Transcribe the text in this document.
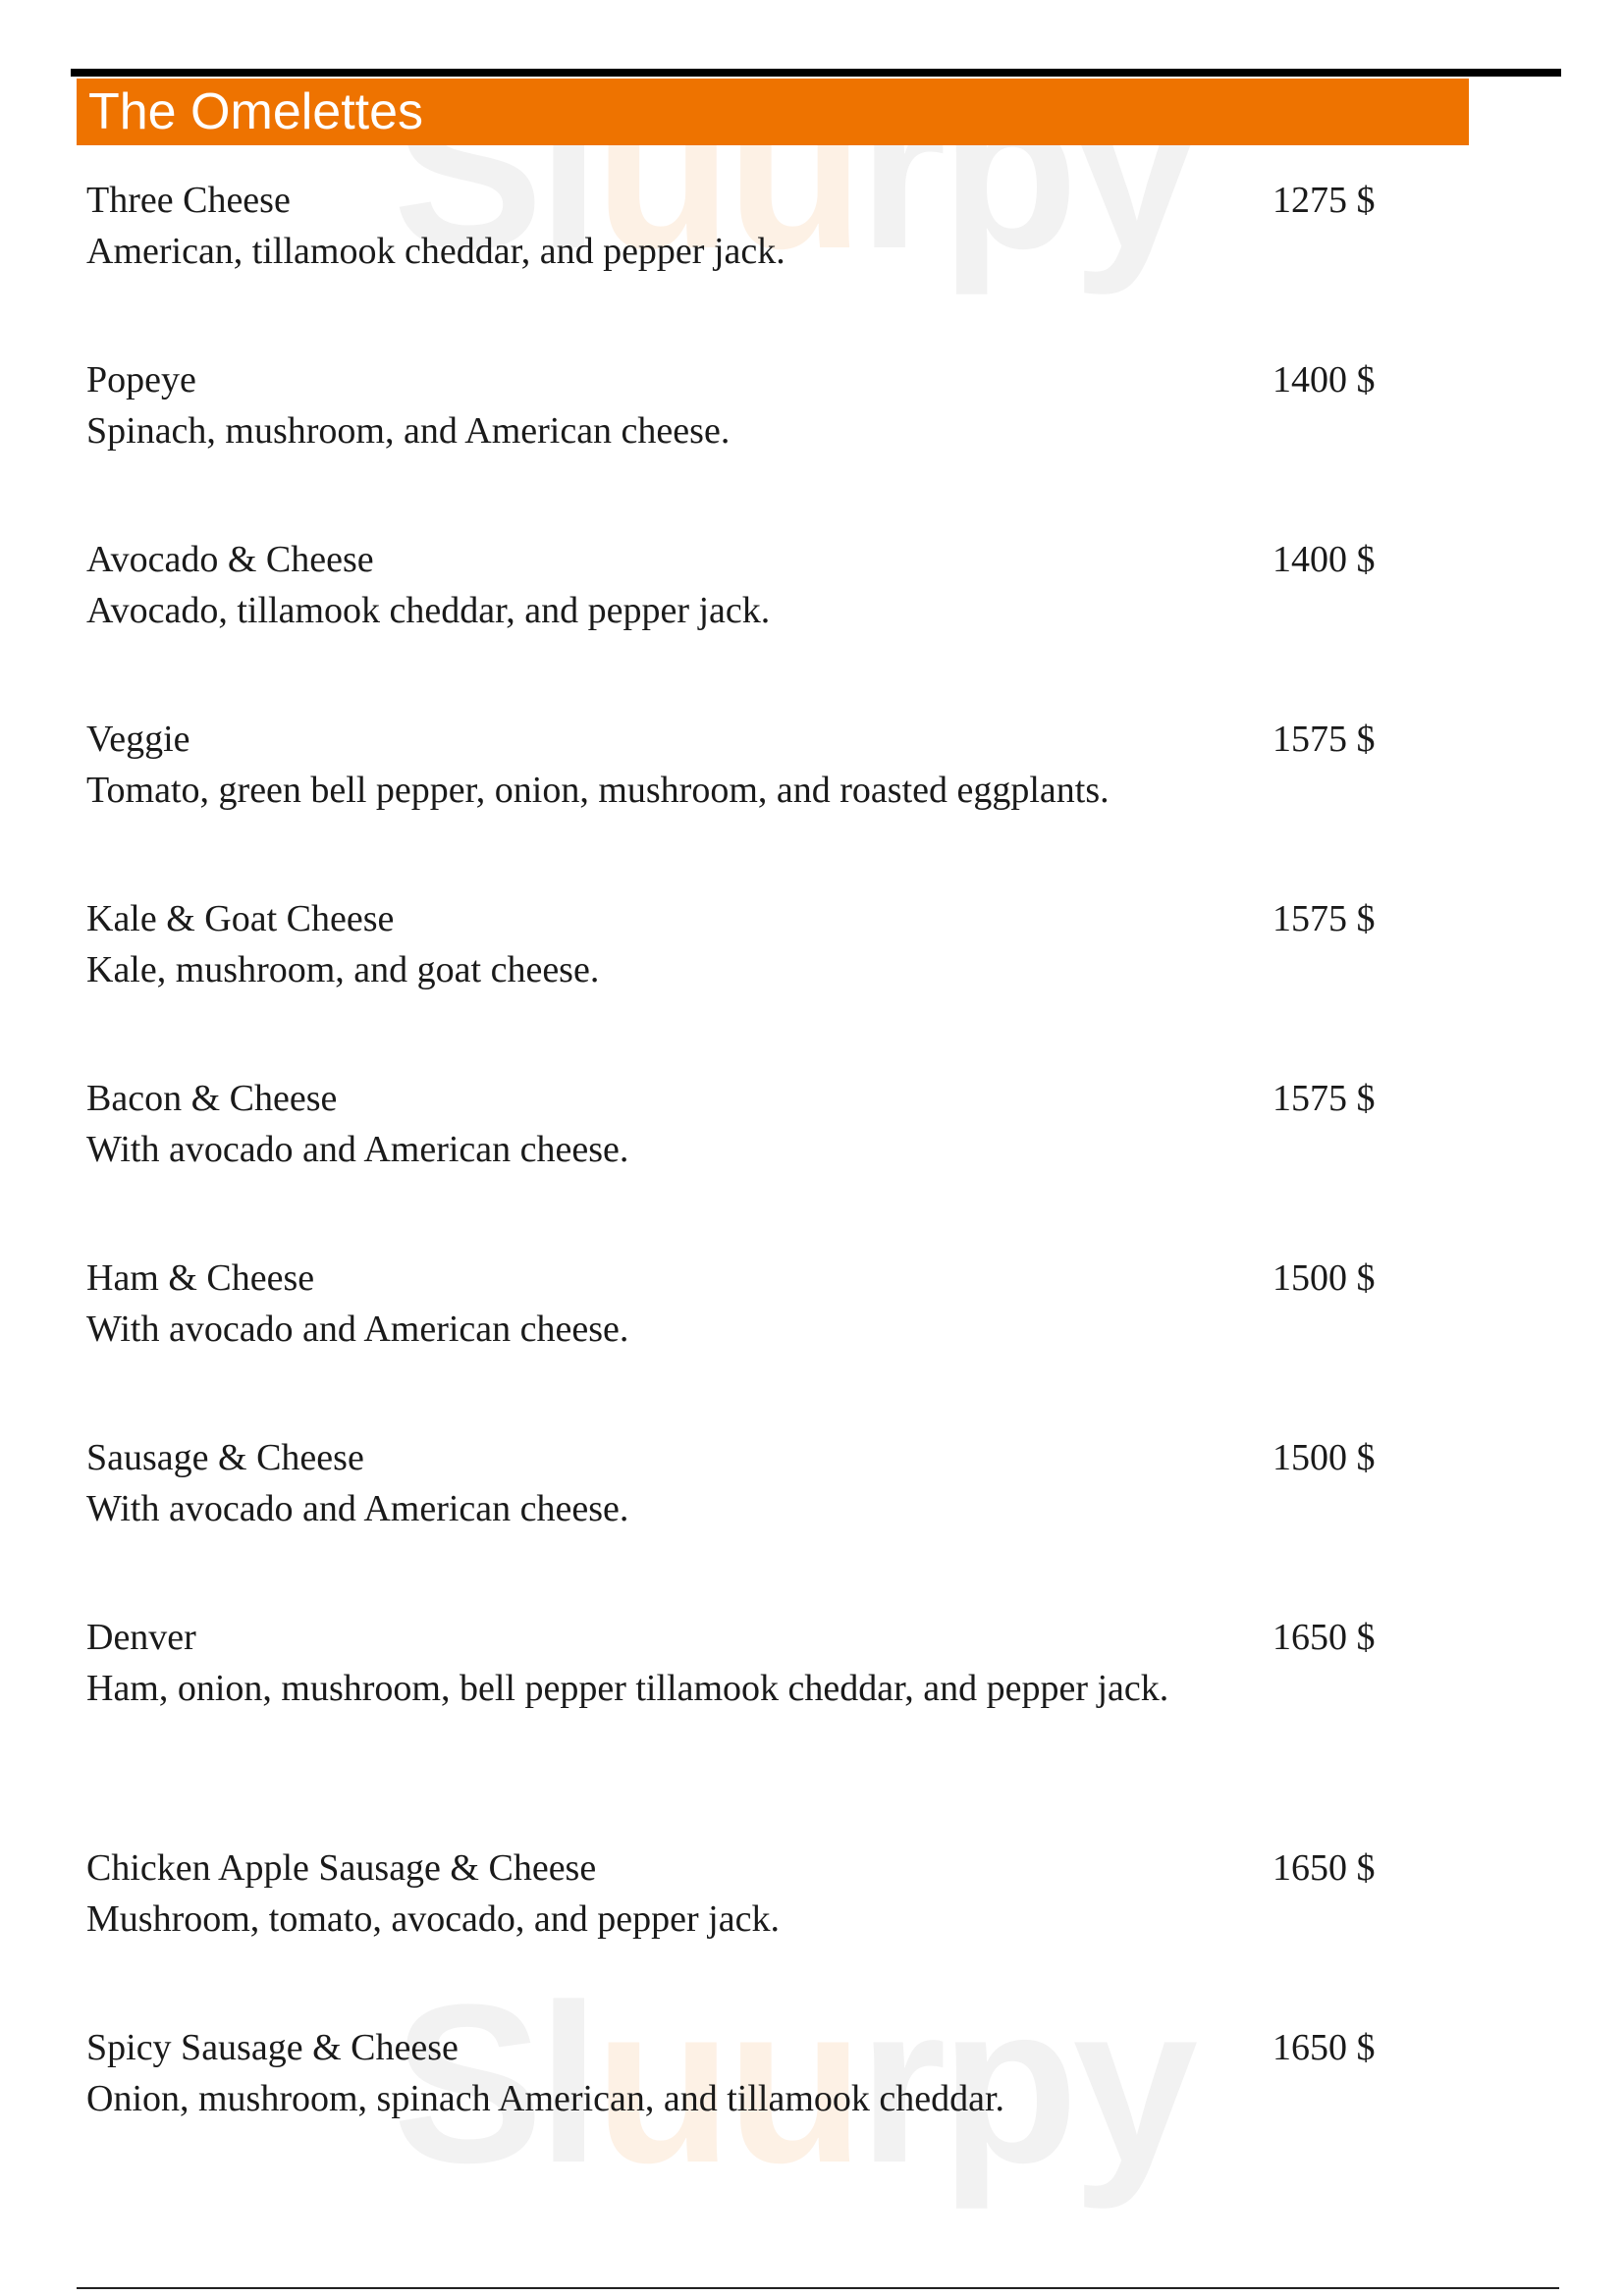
Sluurpy
Sluurpy
The Omelettes
Three Cheese	1275 $
American, tillamook cheddar, and pepper jack.
Popeye	1400 $
Spinach, mushroom, and American cheese.
Avocado & Cheese	1400 $
Avocado, tillamook cheddar, and pepper jack.
Veggie	1575 $
Tomato, green bell pepper, onion, mushroom, and roasted eggplants.
Kale & Goat Cheese	1575 $
Kale, mushroom, and goat cheese.
Bacon & Cheese	1575 $
With avocado and American cheese.
Ham & Cheese	1500 $
With avocado and American cheese.
Sausage & Cheese	1500 $
With avocado and American cheese.
Denver	1650 $
Ham, onion, mushroom, bell pepper tillamook cheddar, and pepper jack.
Chicken Apple Sausage & Cheese	1650 $
Mushroom, tomato, avocado, and pepper jack.
Spicy Sausage & Cheese	1650 $
Onion, mushroom, spinach American, and tillamook cheddar.
